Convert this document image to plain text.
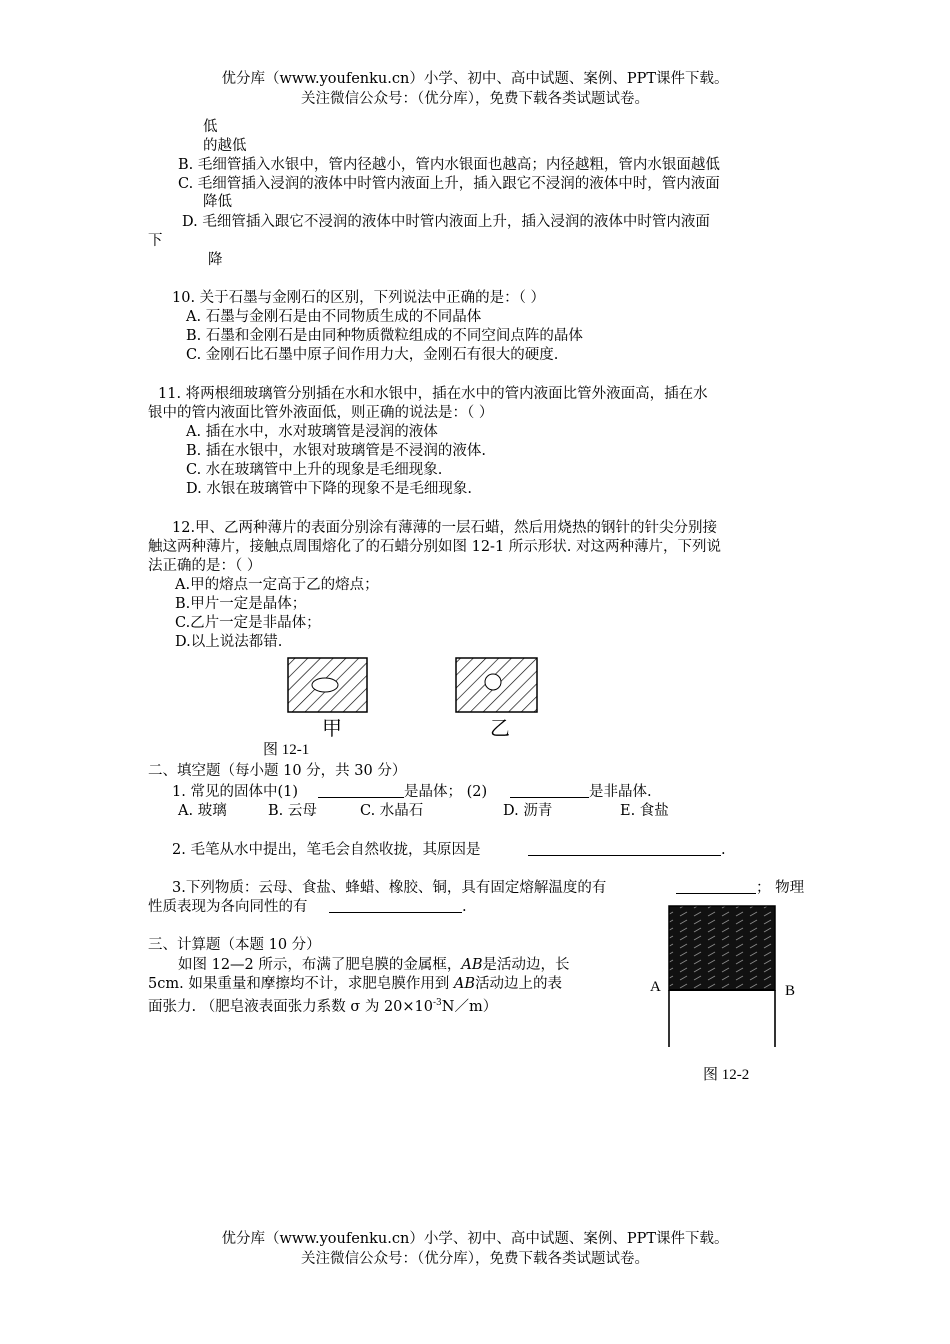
优分库（www.youfenku.cn）小学、初中、高中试题、案例、PPT课件下载。
关注微信公众号：（优分库），免费下载各类试题试卷。
低
的越低
B. 毛细管插入水银中，管内径越小，管内水银面也越高；内径越粗，管内水银面越低
C. 毛细管插入浸润的液体中时管内液面上升，插入跟它不浸润的液体中时，管内液面
降低
D. 毛细管插入跟它不浸润的液体中时管内液面上升，插入浸润的液体中时管内液面
下
降
10. 关于石墨与金刚石的区别，下列说法中正确的是：（ ）
A. 石墨与金刚石是由不同物质生成的不同晶体
B. 石墨和金刚石是由同种物质微粒组成的不同空间点阵的晶体
C. 金刚石比石墨中原子间作用力大，金刚石有很大的硬度.
11. 将两根细玻璃管分别插在水和水银中，插在水中的管内液面比管外液面高，插在水
银中的管内液面比管外液面低，则正确的说法是：（ ）
A. 插在水中，水对玻璃管是浸润的液体
B. 插在水银中，水银对玻璃管是不浸润的液体.
C. 水在玻璃管中上升的现象是毛细现象.
D. 水银在玻璃管中下降的现象不是毛细现象.
12.甲、乙两种薄片的表面分别涂有薄薄的一层石蜡，然后用烧热的钢针的针尖分别接
触这两种薄片，接触点周围熔化了的石蜡分别如图 12-1 所示形状. 对这两种薄片，下列说
法正确的是：（ ）
A.甲的熔点一定高于乙的熔点；
B.甲片一定是晶体；
C.乙片一定是非晶体；
D.以上说法都错.
甲	乙
图 12-1
二、填空题（每小题 10 分，共 30 分）
1. 常见的固体中(1)	是晶体； (2)	是非晶体.
A. 玻璃	B. 云母	C. 水晶石	D. 沥青	E. 食盐
2. 毛笔从水中提出，笔毛会自然收拢，其原因是	.
3.下列物质：云母、食盐、蜂蜡、橡胶、铜，具有固定熔解温度的有	； 物理
性质表现为各向同性的有	.
三、计算题（本题 10 分）
如图 12—2 所示，布满了肥皂膜的金属框，AB是活动边，长
5cm. 如果重量和摩擦均不计，求肥皂膜作用到 AB活动边上的表
面张力. （肥皂液表面张力系数 σ 为 $20\times 10^{-3}N/m$）
A	B
图 12-2
优分库（www.youfenku.cn）小学、初中、高中试题、案例、PPT课件下载。
关注微信公众号：（优分库），免费下载各类试题试卷。
